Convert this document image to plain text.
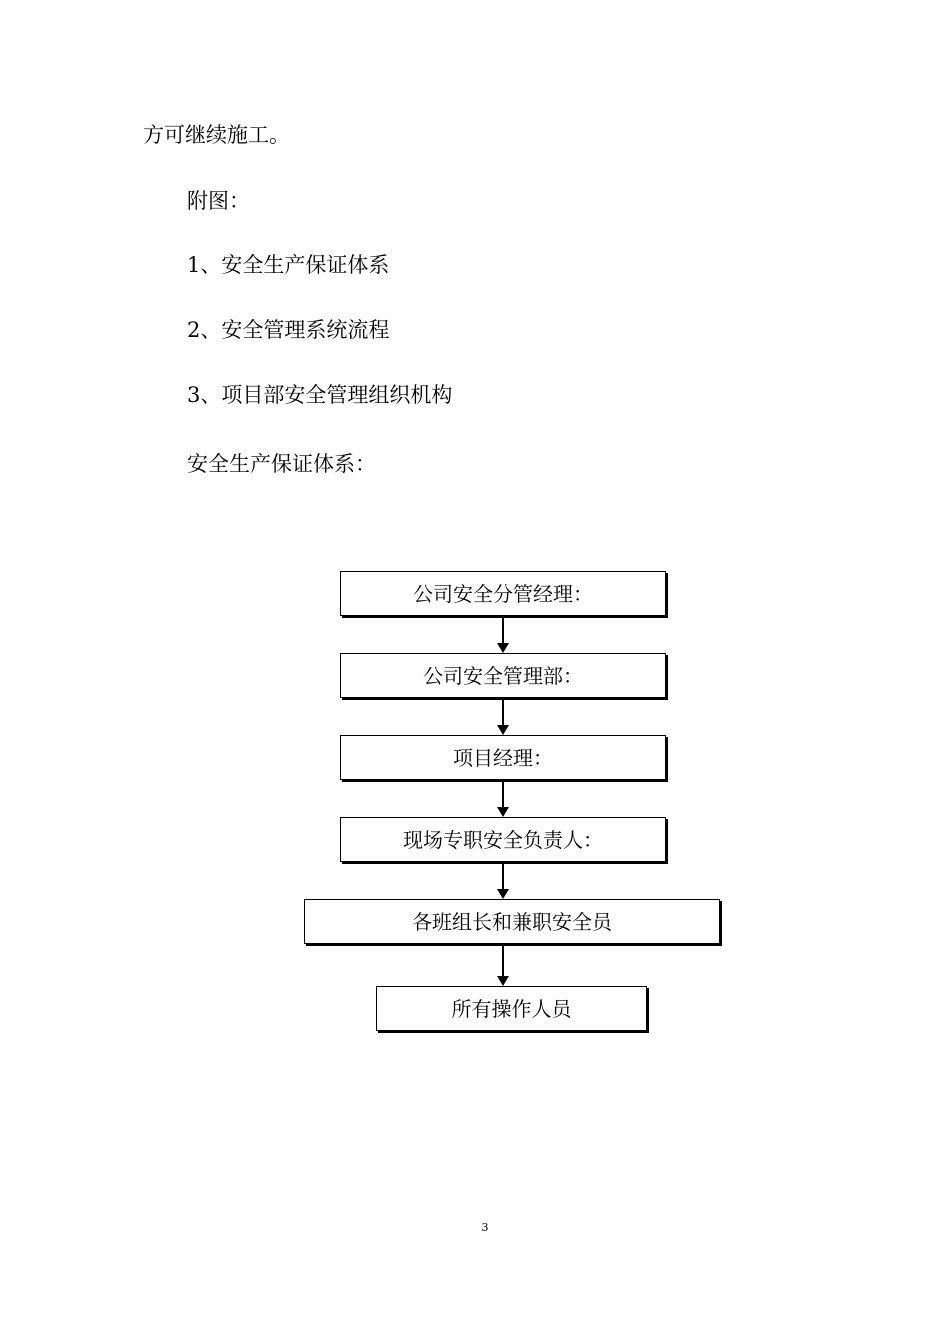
方可继续施工。

附图：

1、安全生产保证体系

2、安全管理系统流程

3、项目部安全管理组织机构

安全生产保证体系：

公司安全分管经理：
公司安全管理部：
项目经理：
现场专职安全负责人：
各班组长和兼职安全员
所有操作人员
3
